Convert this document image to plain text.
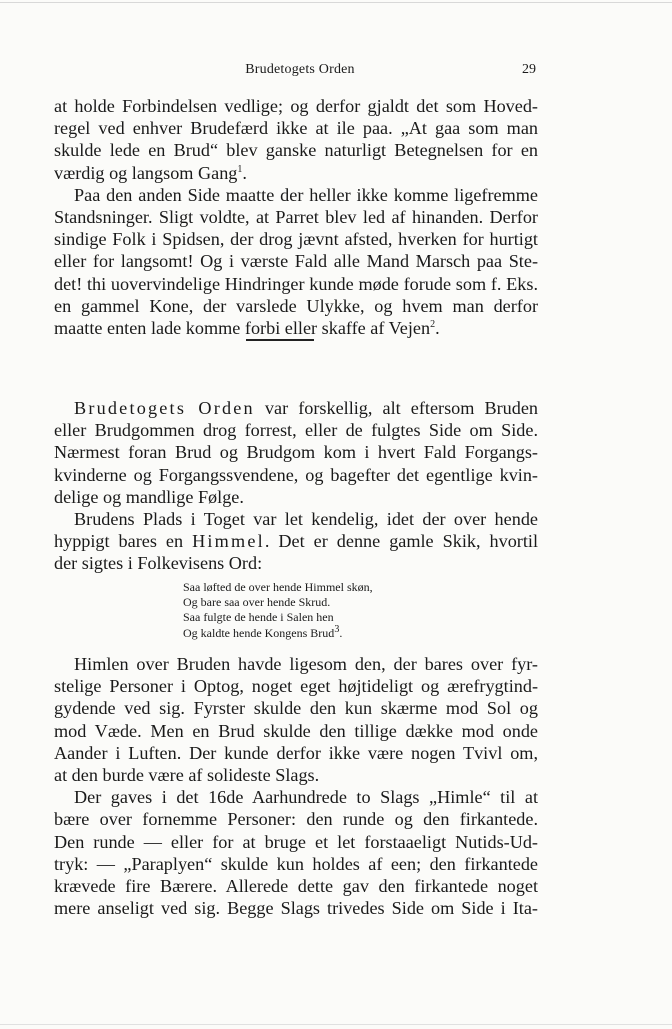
Brudetogets Orden	29
at holde Forbindelsen vedlige; og derfor gjaldt det som Hoved-
regel ved enhver Brudefærd ikke at ile paa. „At gaa som man
skulde lede en Brud“ blev ganske naturligt Betegnelsen for en
værdig og langsom Gang$^1$.
Paa den anden Side maatte der heller ikke komme ligefremme
Standsninger. Sligt voldte, at Parret blev led af hinanden. Derfor
sindige Folk i Spidsen, der drog jævnt afsted, hverken for hurtigt
eller for langsomt! Og i værste Fald alle Mand Marsch paa Ste-
det! thi uovervindelige Hindringer kunde møde forude som f. Eks.
en gammel Kone, der varslede Ulykke, og hvem man derfor
maatte enten lade komme forbi eller skaffe af Vejen$^2$.
Brudetogets Orden var forskellig, alt eftersom Bruden
eller Brudgommen drog forrest, eller de fulgtes Side om Side.
Nærmest foran Brud og Brudgom kom i hvert Fald Forgangs-
kvinderne og Forgangssvendene, og bagefter det egentlige kvin-
delige og mandlige Følge.
Brudens Plads i Toget var let kendelig, idet der over hende
hyppigt bares en Himmel. Det er denne gamle Skik, hvortil
der sigtes i Folkevisens Ord:
Saa løfted de over hende Himmel skøn,
Og bare saa over hende Skrud.
Saa fulgte de hende i Salen hen
Og kaldte hende Kongens Brud$^3$.
Himlen over Bruden havde ligesom den, der bares over fyr-
stelige Personer i Optog, noget eget højtideligt og ærefrygtind-
gydende ved sig. Fyrster skulde den kun skærme mod Sol og
mod Væde. Men en Brud skulde den tillige dække mod onde
Aander i Luften. Der kunde derfor ikke være nogen Tvivl om,
at den burde være af solideste Slags.
Der gaves i det 16de Aarhundrede to Slags „Himle“ til at
bære over fornemme Personer: den runde og den firkantede.
Den runde — eller for at bruge et let forstaaeligt Nutids-Ud-
tryk: — „Paraplyen“ skulde kun holdes af een; den firkantede
krævede fire Bærere. Allerede dette gav den firkantede noget
mere anseligt ved sig. Begge Slags trivedes Side om Side i Ita-
